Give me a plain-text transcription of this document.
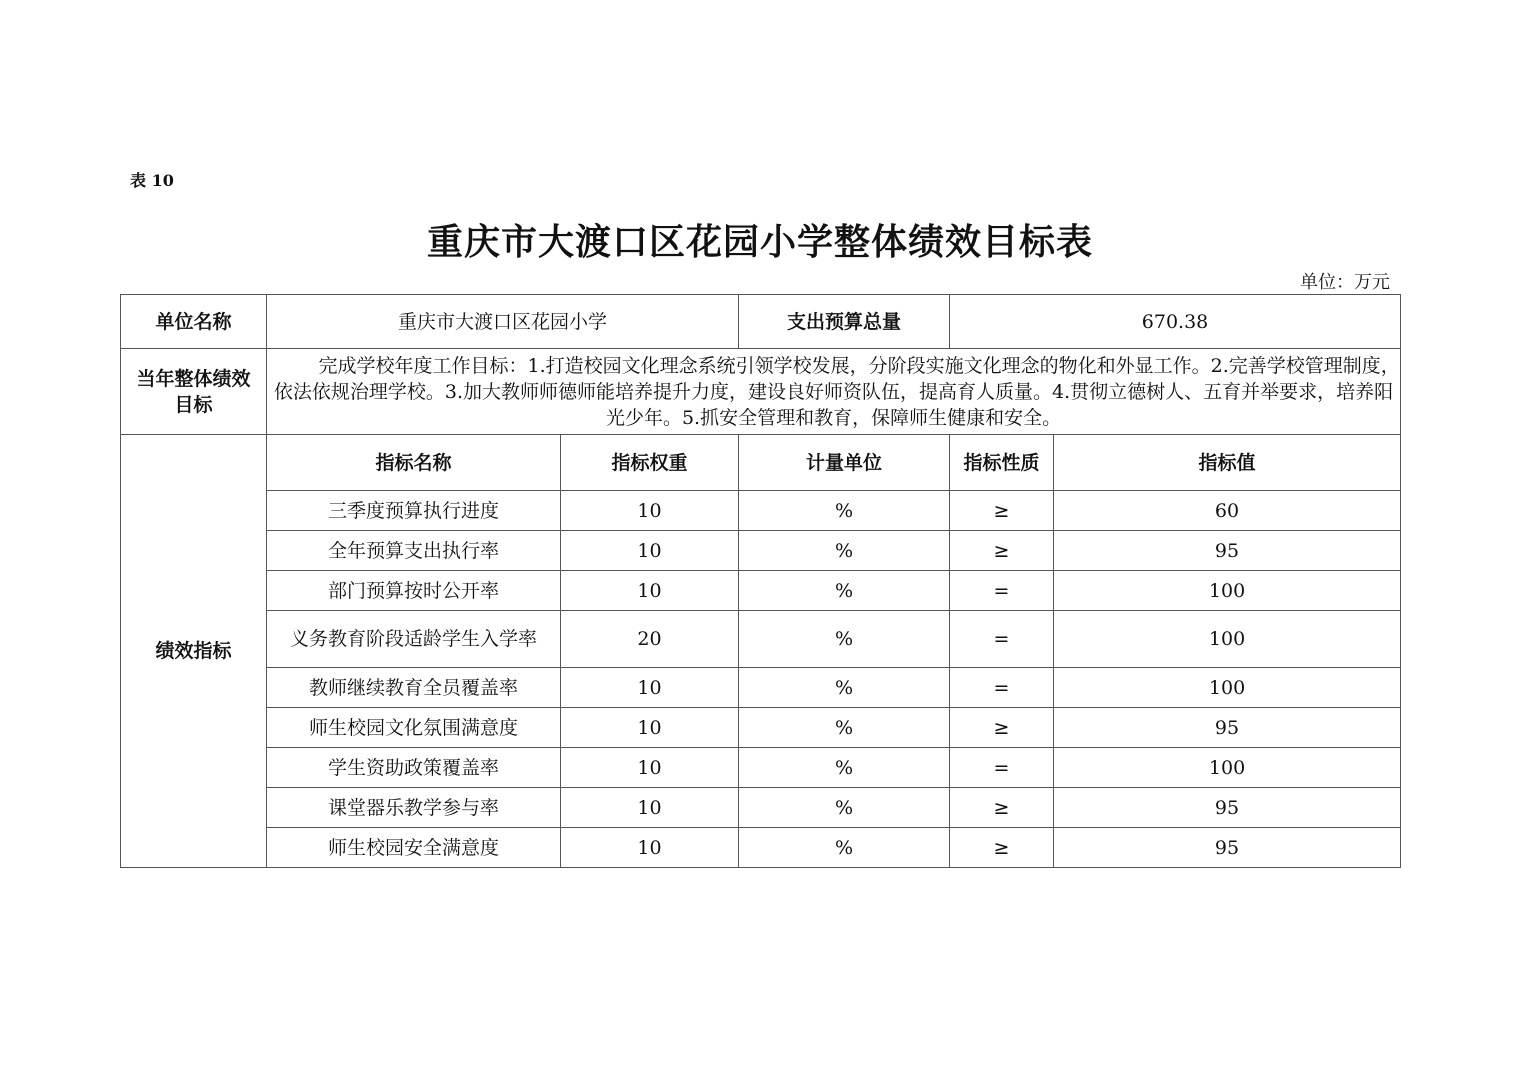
表 10
重庆市大渡口区花园小学整体绩效目标表
单位：万元
单位名称	重庆市大渡口区花园小学		支出预算总量	670.38	
当年整体绩效目标	完成学校年度工作目标：1.打造校园文化理念系统引领学校发展，分阶段实施文化理念的物化和外显工作。2.完善学校管理制度，依法依规治理学校。3.加大教师师德师能培养提升力度，建设良好师资队伍，提高育人质量。4.贯彻立德树人、五育并举要求，培养阳光少年。5.抓安全管理和教育，保障师生健康和安全。				

绩效指标	指标名称	指标权重	计量单位	指标性质	指标值
	三季度预算执行进度	10	%	≥	60
	全年预算支出执行率	10	%	≥	95
	部门预算按时公开率	10	%	=	100
	义务教育阶段适龄学生入学率	20	%	=	100
	教师继续教育全员覆盖率	10	%	=	100
	师生校园文化氛围满意度	10	%	≥	95
	学生资助政策覆盖率	10	%	=	100
	课堂器乐教学参与率	10	%	≥	95
	师生校园安全满意度	10	%	≥	95
